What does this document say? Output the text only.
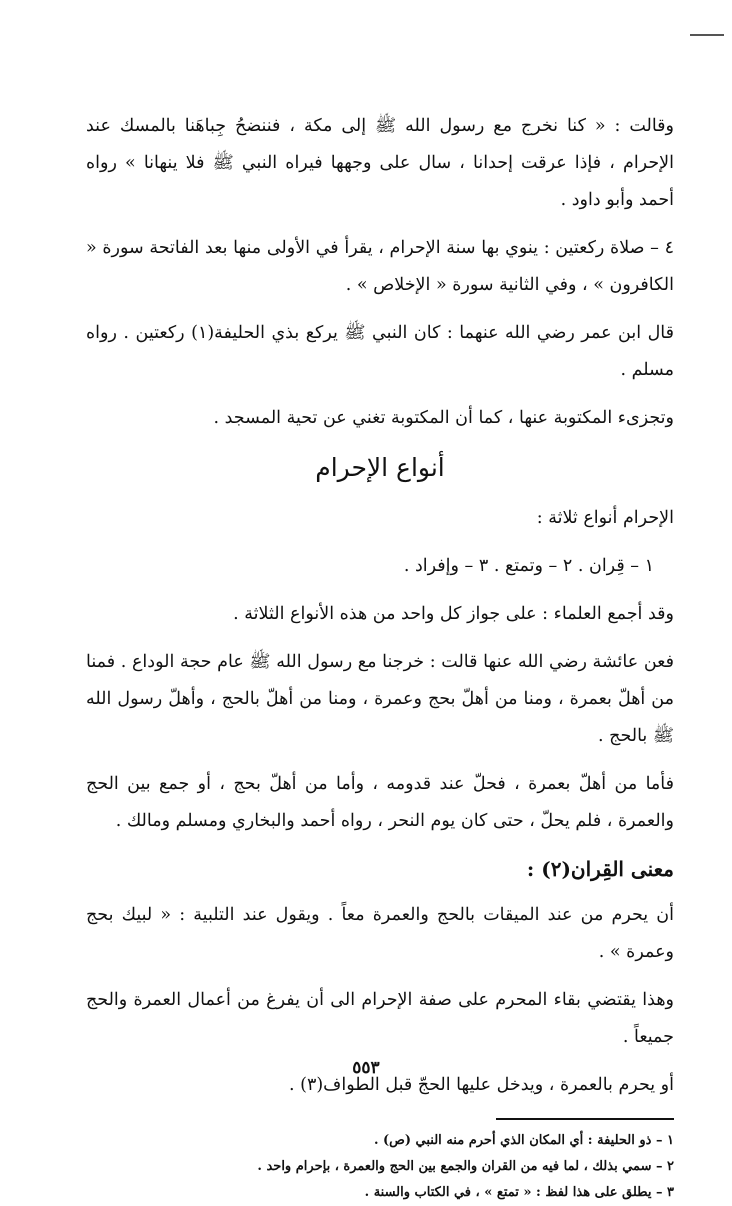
وقالت : « كنا نخرج مع رسول الله ﷺ إلى مكة ، فننضحُ جِباهَنا بالمسك عند الإحرام ، فإذا عرقت إحدانا ، سال على وجهها فيراه النبي ﷺ فلا ينهانا » رواه أحمد وأبو داود .

٤ – صلاة ركعتين : ينوي بها سنة الإحرام ، يقرأ في الأولى منها بعد الفاتحة سورة « الكافرون » ، وفي الثانية سورة « الإخلاص » .

قال ابن عمر رضي الله عنهما : كان النبي ﷺ يركع بذي الحليفة(١) ركعتين . رواه مسلم .

وتجزىء المكتوبة عنها ، كما أن المكتوبة تغني عن تحية المسجد .

أنواع الإحرام

الإحرام أنواع ثلاثة :

١ – قِران . ٢ – وتمتع . ٣ – وإفراد .

وقد أجمع العلماء : على جواز كل واحد من هذه الأنواع الثلاثة .

فعن عائشة رضي الله عنها قالت : خرجنا مع رسول الله ﷺ عام حجة الوداع . فمنا من أهلّ بعمرة ، ومنا من أهلّ بحج وعمرة ، ومنا من أهلّ بالحج ، وأهلّ رسول الله ﷺ بالحج .

فأما من أهلّ بعمرة ، فحلّ عند قدومه ، وأما من أهلّ بحج ، أو جمع بين الحج والعمرة ، فلم يحلّ ، حتى كان يوم النحر ، رواه أحمد والبخاري ومسلم ومالك .

معنى القِران(٢) :

أن يحرم من عند الميقات بالحج والعمرة معاً . ويقول عند التلبية : « لبيك بحج وعمرة » .

وهذا يقتضي بقاء المحرم على صفة الإحرام الى أن يفرغ من أعمال العمرة والحج جميعاً .

أو يحرم بالعمرة ، ويدخل عليها الحجّ قبل الطواف(٣) .

١ – ذو الحليفة : أي المكان الذي أحرم منه النبي (ص) .
٢ – سمي بذلك ، لما فيه من القران والجمع بين الحج والعمرة ، بإحرام واحد .
٣ – يطلق على هذا لفظ : « تمتع » ، في الكتاب والسنة .
٥٥٣
